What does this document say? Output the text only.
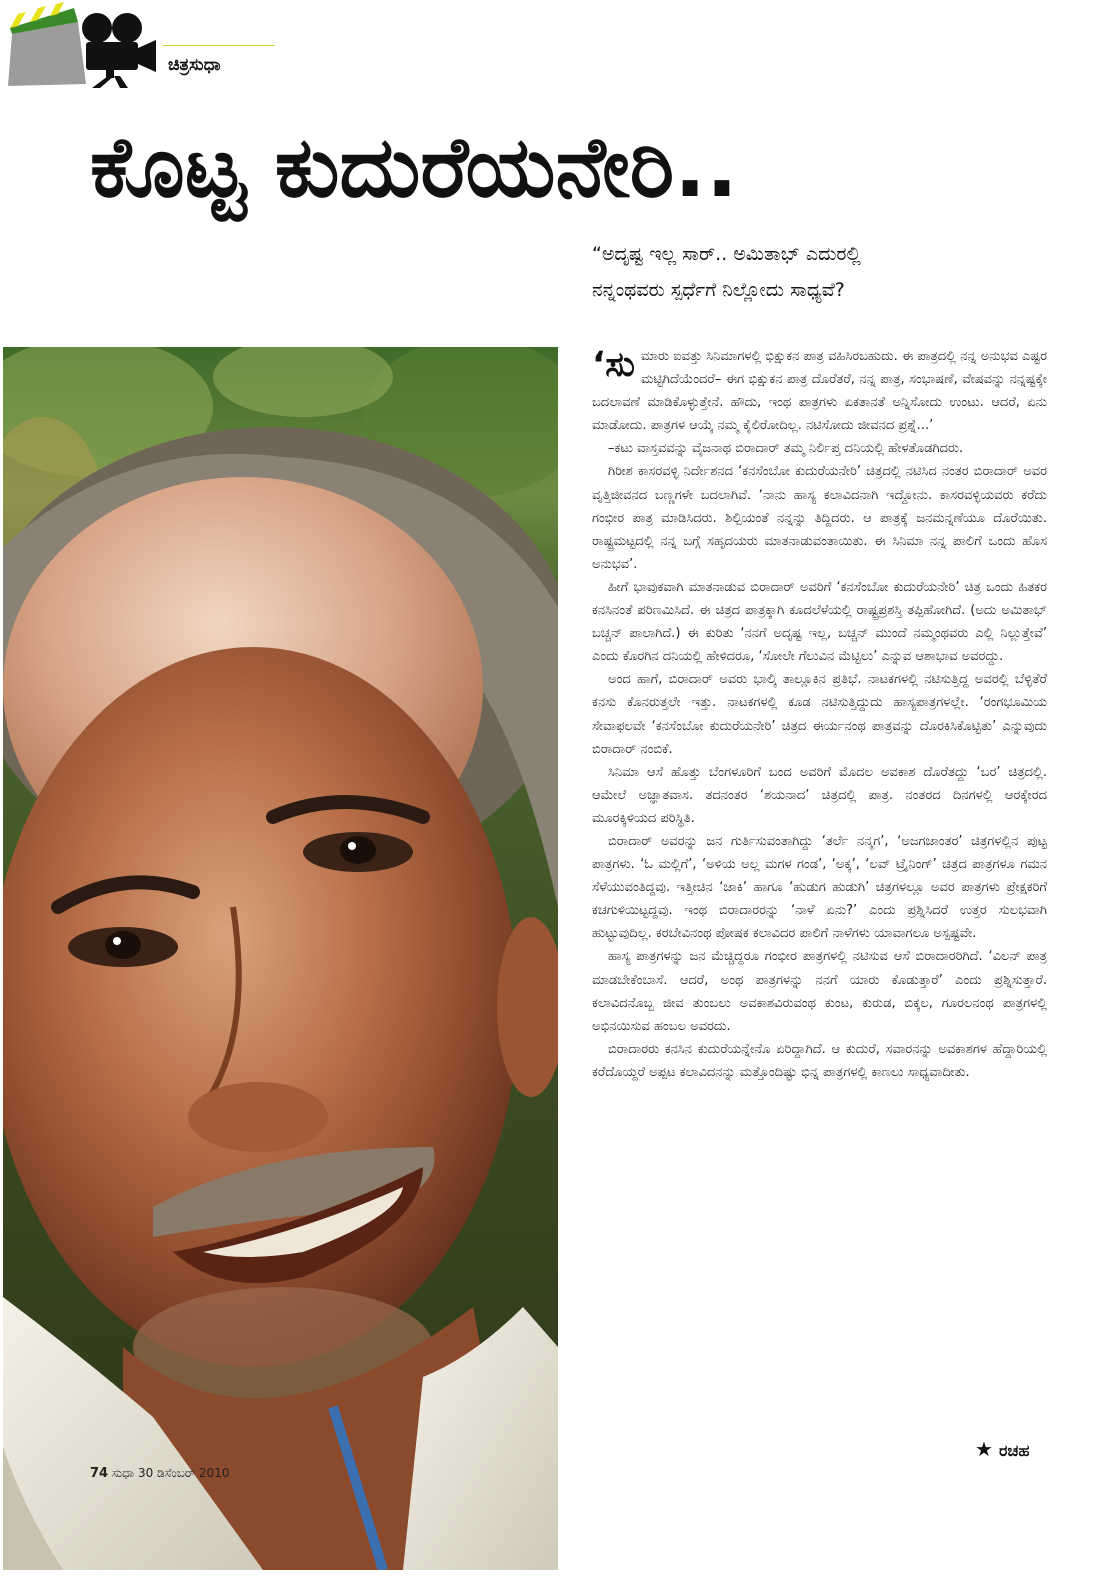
ಚಿತ್ರಸುಧಾ
ಕೊಟ್ಟ ಕುದುರೆಯನೇರಿ..
“ಅದೃಷ್ಟ ಇಲ್ಲ ಸಾರ್.. ಅಮಿತಾಭ್ ಎದುರಲ್ಲಿ
ನನ್ನಂಥವರು ಸ್ಪರ್ಧೆಗೆ ನಿಲ್ಲೋದು ಸಾಧ್ಯವೆ?

‘ಸುಮಾರು ಐವತ್ತು ಸಿನಿಮಾಗಳಲ್ಲಿ ಭಿಕ್ಷುಕನ ಪಾತ್ರ ವಹಿಸಿರಬಹುದು. ಈ ಪಾತ್ರದಲ್ಲಿ ನನ್ನ ಅನುಭವ ಎಷ್ಟರ ಮಟ್ಟಿಗಿದೆಯೆಂದರೆ– ಈಗ ಭಿಕ್ಷುಕನ ಪಾತ್ರ ದೊರೆತರೆ, ನನ್ನ ಪಾತ್ರ, ಸಂಭಾಷಣೆ, ವೇಷವನ್ನು ನನ್ನಷ್ಟಕ್ಕೇ ಬದಲಾವಣೆ ಮಾಡಿಕೊಳ್ಳುತ್ತೇನೆ. ಹೌದು, ಇಂಥ ಪಾತ್ರಗಳು ಏಕತಾನತೆ ಅನ್ನಿಸೋದು ಉಂಟು. ಆದರೆ, ಏನು ಮಾಡೋದು. ಪಾತ್ರಗಳ ಆಯ್ಕೆ ನಮ್ಮ ಕೈಲಿರೋದಿಲ್ಲ. ನಟಿಸೋದು ಜೀವನದ ಪ್ರಶ್ನೆ...’

–ಕಟು ವಾಸ್ತವವನ್ನು ವೈಜನಾಥ ಬಿರಾದಾರ್ ತಮ್ಮ ನಿರ್ಲಿಪ್ತ ದನಿಯಲ್ಲಿ ಹೇಳತೊಡಗಿದರು.

ಗಿರೀಶ ಕಾಸರವಳ್ಳಿ ನಿರ್ದೇಶನದ ‘ಕನಸೆಂಬೋ ಕುದುರೆಯನೇರಿ’ ಚಿತ್ರದಲ್ಲಿ ನಟಿಸಿದ ನಂತರ ಬಿರಾದಾರ್ ಅವರ ವೃತ್ತಿಜೀವನದ ಬಣ್ಣಗಳೇ ಬದಲಾಗಿವೆ. ‘ನಾನು ಹಾಸ್ಯ ಕಲಾವಿದನಾಗಿ ಇದ್ದೋನು. ಕಾಸರವಳ್ಳಿಯವರು ಕರೆದು ಗಂಭೀರ ಪಾತ್ರ ಮಾಡಿಸಿದರು. ಶಿಲ್ಪಿಯಂತೆ ನನ್ನನ್ನು ತಿದ್ದಿದರು. ಆ ಪಾತ್ರಕ್ಕೆ ಜನಮನ್ನಣೆಯೂ ದೊರೆಯಿತು. ರಾಷ್ಟ್ರಮಟ್ಟದಲ್ಲಿ ನನ್ನ ಬಗ್ಗೆ ಸಹೃದಯರು ಮಾತನಾಡುವಂತಾಯಿತು. ಈ ಸಿನಿಮಾ ನನ್ನ ಪಾಲಿಗೆ ಒಂದು ಹೊಸ ಅನುಭವ’.

ಹೀಗೆ ಭಾವುಕವಾಗಿ ಮಾತನಾಡುವ ಬಿರಾದಾರ್ ಅವರಿಗೆ ‘ಕನಸೆಂಬೋ ಕುದುರೆಯನೇರಿ’ ಚಿತ್ರ ಒಂದು ಹಿತಕರ ಕನಸಿನಂತೆ ಪರಿಣಮಿಸಿದೆ. ಈ ಚಿತ್ರದ ಪಾತ್ರಕ್ಕಾಗಿ ಕೂದಲೆಳೆಯಲ್ಲಿ ರಾಷ್ಟ್ರಪ್ರಶಸ್ತಿ ತಪ್ಪಿಹೋಗಿದೆ. (ಅದು ಅಮಿತಾಭ್ ಬಚ್ಚನ್ ಪಾಲಾಗಿದೆ.) ಈ ಕುರಿತು ‘ನನಗೆ ಅದೃಷ್ಟ ಇಲ್ಲ, ಬಚ್ಚನ್ ಮುಂದೆ ನಮ್ಮಂಥವರು ಎಲ್ಲಿ ನಿಲ್ಲುತ್ತೇವೆ’ ಎಂದು ಕೊರಗಿನ ದನಿಯಲ್ಲಿ ಹೇಳಿದರೂ, ‘ಸೋಲೇ ಗೆಲುವಿನ ಮೆಟ್ಟಿಲು’ ಎನ್ನುವ ಆಶಾಭಾವ ಅವರದ್ದು.

ಅಂದ ಹಾಗೆ, ಬಿರಾದಾರ್ ಅವರು ಭಾಲ್ಕಿ ತಾಲ್ಲೂಕಿನ ಪ್ರತಿಭೆ. ನಾಟಕಗಳಲ್ಲಿ ನಟಿಸುತ್ತಿದ್ದ ಅವರಲ್ಲಿ ಬೆಳ್ಳಿತೆರೆ ಕನಸು ಕೊನರುತ್ತಲೇ ಇತ್ತು. ನಾಟಕಗಳಲ್ಲಿ ಕೂಡ ನಟಿಸುತ್ತಿದ್ದುದು ಹಾಸ್ಯಪಾತ್ರಗಳಲ್ಲೇ. ‘ರಂಗಭೂಮಿಯ ಸೇವಾಫಲವೇ ‘ಕನಸೆಂಬೋ ಕುದುರೆಯನೇರಿ’ ಚಿತ್ರದ ಈರ್ಯನಂಥ ಪಾತ್ರವನ್ನು ದೊರಕಿಸಿಕೊಟ್ಟಿತು’ ಎನ್ನುವುದು ಬಿರಾದಾರ್ ನಂಬಿಕೆ.

ಸಿನಿಮಾ ಆಸೆ ಹೊತ್ತು ಬೆಂಗಳೂರಿಗೆ ಬಂದ ಅವರಿಗೆ ಮೊದಲ ಅವಕಾಶ ದೊರೆತದ್ದು ‘ಬರ’ ಚಿತ್ರದಲ್ಲಿ. ಆಮೇಲೆ ಅಜ್ಞಾತವಾಸ. ತದನಂತರ ‘ಶಯನಾದ’ ಚಿತ್ರದಲ್ಲಿ ಪಾತ್ರ. ನಂತರದ ದಿನಗಳಲ್ಲಿ ಆರಕ್ಕೇರದ ಮೂರಕ್ಕಿಳಿಯದ ಪರಿಸ್ಥಿತಿ.

ಬಿರಾದಾರ್ ಅವರನ್ನು ಜನ ಗುರ್ತಿಸುವಂತಾಗಿದ್ದು ‘ತರ್ಲೆ ನನ್ಮಗ’, ‘ಅಜಗಜಾಂತರ’ ಚಿತ್ರಗಳಲ್ಲಿನ ಪುಟ್ಟ ಪಾತ್ರಗಳು. ‘ಓ ಮಲ್ಲಿಗೆ’, ‘ಅಳಿಯ ಅಲ್ಲ ಮಗಳ ಗಂಡ’, ‘ಅಕ್ಕ’, ‘ಲವ್ ಟ್ರೈನಿಂಗ್’ ಚಿತ್ರದ ಪಾತ್ರಗಳೂ ಗಮನ ಸೆಳೆಯುವಂತಿದ್ದವು. ಇತ್ತೀಚಿನ ‘ಜಾಕಿ’ ಹಾಗೂ ‘ಹುಡುಗ ಹುಡುಗಿ’ ಚಿತ್ರಗಳಲ್ಲೂ ಅವರ ಪಾತ್ರಗಳು ಪ್ರೇಕ್ಷಕರಿಗೆ ಕಚಗುಳಿಯಿಟ್ಟದ್ದವು. ಇಂಥ ಬಿರಾದಾರರನ್ನು ‘ನಾಳೆ ಏನು?’ ಎಂದು ಪ್ರಶ್ನಿಸಿದರೆ ಉತ್ತರ ಸುಲಭವಾಗಿ ಹುಟ್ಟುವುದಿಲ್ಲ. ಕರಬೇವಿನಂಥ ಪೋಷಕ ಕಲಾವಿದರ ಪಾಲಿಗೆ ನಾಳೆಗಳು ಯಾವಾಗಲೂ ಅಸ್ಪಷ್ಟವೇ.

ಹಾಸ್ಯ ಪಾತ್ರಗಳನ್ನು ಜನ ಮೆಚ್ಚಿದ್ದರೂ ಗಂಭೀರ ಪಾತ್ರಗಳಲ್ಲಿ ನಟಿಸುವ ಆಸೆ ಬಿರಾದಾರರಿಗಿದೆ. ‘ವಿಲನ್ ಪಾತ್ರ ಮಾಡಬೇಕೆಂಬಾಸೆ. ಆದರೆ, ಅಂಥ ಪಾತ್ರಗಳನ್ನು ನನಗೆ ಯಾರು ಕೊಡುತ್ತಾರೆ’ ಎಂದು ಪ್ರಶ್ನಿಸುತ್ತಾರೆ. ಕಲಾವಿದನೊಬ್ಬ ಜೀವ ತುಂಬಲು ಅವಕಾಶವಿರುವಂಥ ಕುಂಟ, ಕುರುಡ, ಬಿಕ್ಕಲ, ಗೂರಲನಂಥ ಪಾತ್ರಗಳಲ್ಲಿ ಅಭಿನಯಿಸುವ ಹಂಬಲ ಅವರದು.

ಬಿರಾದಾರರು ಕನಸಿನ ಕುದುರೆಯನ್ನೇನೊ ಏರಿದ್ದಾಗಿದೆ. ಆ ಕುದುರೆ, ಸವಾರನನ್ನು ಅವಕಾಶಗಳ ಹೆದ್ದಾರಿಯಲ್ಲಿ ಕರೆದೊಯ್ದರೆ ಅಪ್ಪಟ ಕಲಾವಿದನನ್ನು ಮತ್ತೊಂದಿಷ್ಟು ಭಿನ್ನ ಪಾತ್ರಗಳಲ್ಲಿ ಕಾಣಲು ಸಾಧ್ಯವಾದೀತು.

★ ರಚಹ
74 ಸುಧಾ 30 ಡಿಸೆಂಬರ್ 2010
